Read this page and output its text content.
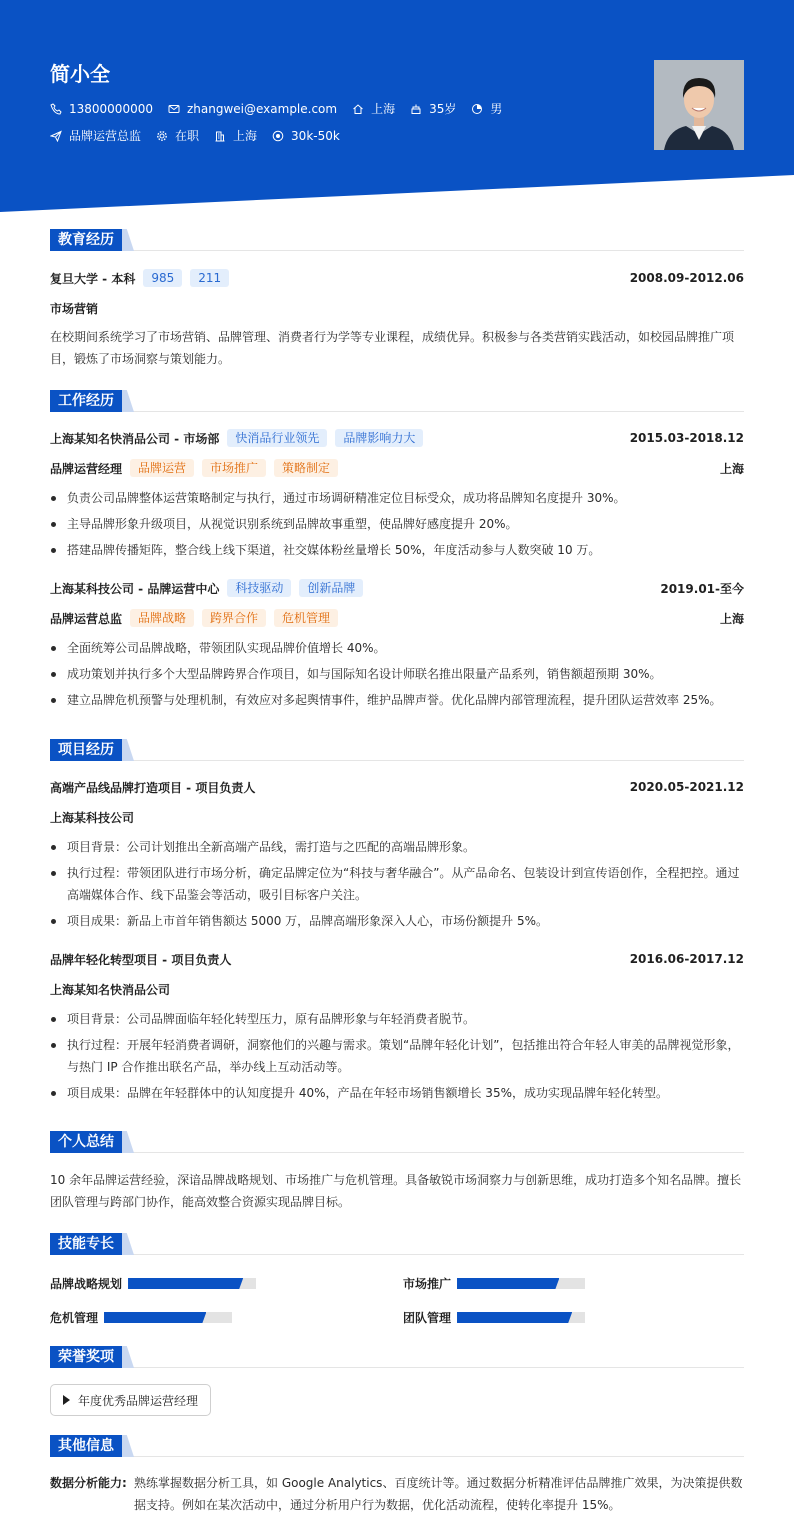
简小全
13800000000	zhangwei@example.com	上海	35岁	男
品牌运营总监	在职	上海	30k-50k
教育经历
复旦大学 - 本科	985	211	2008.09-2012.06
市场营销
在校期间系统学习了市场营销、品牌管理、消费者行为学等专业课程，成绩优异。积极参与各类营销实践活动，如校园品牌推广项目，锻炼了市场洞察与策划能力。
工作经历
上海某知名快消品公司 - 市场部	快消品行业领先	品牌影响力大	2015.03-2018.12
品牌运营经理	品牌运营	市场推广	策略制定	上海
负责公司品牌整体运营策略制定与执行，通过市场调研精准定位目标受众，成功将品牌知名度提升 30%。
主导品牌形象升级项目，从视觉识别系统到品牌故事重塑，使品牌好感度提升 20%。
搭建品牌传播矩阵，整合线上线下渠道，社交媒体粉丝量增长 50%，年度活动参与人数突破 10 万。
上海某科技公司 - 品牌运营中心	科技驱动	创新品牌	2019.01-至今
品牌运营总监	品牌战略	跨界合作	危机管理	上海
全面统筹公司品牌战略，带领团队实现品牌价值增长 40%。
成功策划并执行多个大型品牌跨界合作项目，如与国际知名设计师联名推出限量产品系列，销售额超预期 30%。
建立品牌危机预警与处理机制，有效应对多起舆情事件，维护品牌声誉。优化品牌内部管理流程，提升团队运营效率 25%。
项目经历
高端产品线品牌打造项目 - 项目负责人	2020.05-2021.12
上海某科技公司
项目背景：公司计划推出全新高端产品线，需打造与之匹配的高端品牌形象。
执行过程：带领团队进行市场分析，确定品牌定位为“科技与奢华融合”。从产品命名、包装设计到宣传语创作，全程把控。通过高端媒体合作、线下品鉴会等活动，吸引目标客户关注。
项目成果：新品上市首年销售额达 5000 万，品牌高端形象深入人心，市场份额提升 5%。
品牌年轻化转型项目 - 项目负责人	2016.06-2017.12
上海某知名快消品公司
项目背景：公司品牌面临年轻化转型压力，原有品牌形象与年轻消费者脱节。
执行过程：开展年轻消费者调研，洞察他们的兴趣与需求。策划“品牌年轻化计划”，包括推出符合年轻人审美的品牌视觉形象，与热门 IP 合作推出联名产品，举办线上互动活动等。
项目成果：品牌在年轻群体中的认知度提升 40%，产品在年轻市场销售额增长 35%，成功实现品牌年轻化转型。
个人总结
10 余年品牌运营经验，深谙品牌战略规划、市场推广与危机管理。具备敏锐市场洞察力与创新思维，成功打造多个知名品牌。擅长团队管理与跨部门协作，能高效整合资源实现品牌目标。
技能专长
品牌战略规划	市场推广
危机管理	团队管理
荣誉奖项
年度优秀品牌运营经理
其他信息
数据分析能力: 熟练掌握数据分析工具，如 Google Analytics、百度统计等。通过数据分析精准评估品牌推广效果，为决策提供数据支持。例如在某次活动中，通过分析用户行为数据，优化活动流程，使转化率提升 15%。
